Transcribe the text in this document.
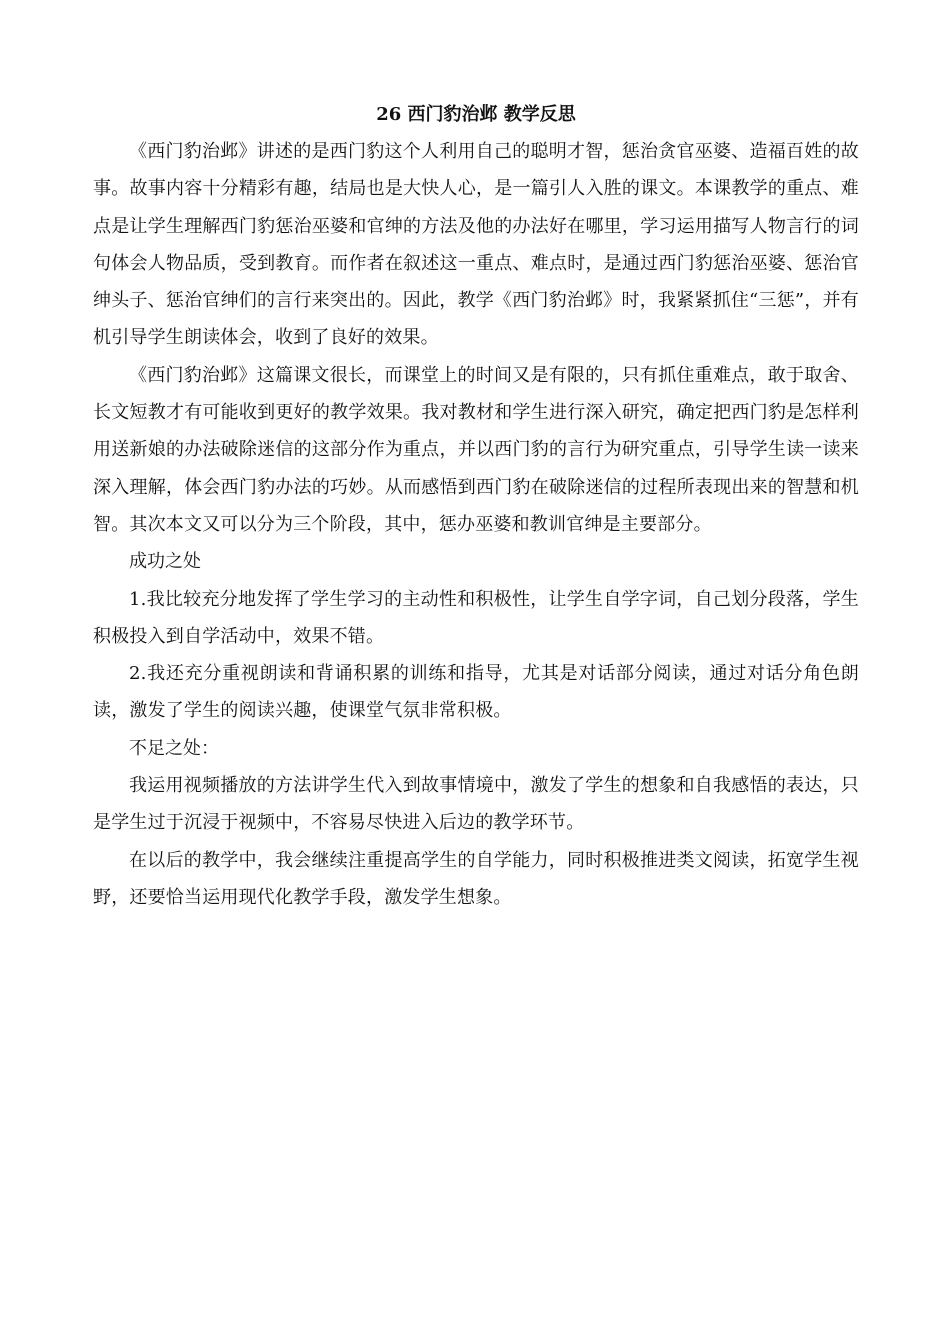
26 西门豹治邺 教学反思

《西门豹治邺》讲述的是西门豹这个人利用自己的聪明才智，惩治贪官巫婆、造福百姓的故事。故事内容十分精彩有趣，结局也是大快人心，是一篇引人入胜的课文。本课教学的重点、难点是让学生理解西门豹惩治巫婆和官绅的方法及他的办法好在哪里，学习运用描写人物言行的词句体会人物品质，受到教育。而作者在叙述这一重点、难点时，是通过西门豹惩治巫婆、惩治官绅头子、惩治官绅们的言行来突出的。因此，教学《西门豹治邺》时，我紧紧抓住“三惩”，并有机引导学生朗读体会，收到了良好的效果。

《西门豹治邺》这篇课文很长，而课堂上的时间又是有限的，只有抓住重难点，敢于取舍、长文短教才有可能收到更好的教学效果。我对教材和学生进行深入研究，确定把西门豹是怎样利用送新娘的办法破除迷信的这部分作为重点，并以西门豹的言行为研究重点，引导学生读一读来深入理解，体会西门豹办法的巧妙。从而感悟到西门豹在破除迷信的过程所表现出来的智慧和机智。其次本文又可以分为三个阶段，其中，惩办巫婆和教训官绅是主要部分。

成功之处

1.我比较充分地发挥了学生学习的主动性和积极性，让学生自学字词，自己划分段落，学生积极投入到自学活动中，效果不错。

2.我还充分重视朗读和背诵积累的训练和指导，尤其是对话部分阅读，通过对话分角色朗读，激发了学生的阅读兴趣，使课堂气氛非常积极。

不足之处：

我运用视频播放的方法讲学生代入到故事情境中，激发了学生的想象和自我感悟的表达，只是学生过于沉浸于视频中，不容易尽快进入后边的教学环节。

在以后的教学中，我会继续注重提高学生的自学能力，同时积极推进类文阅读，拓宽学生视野，还要恰当运用现代化教学手段，激发学生想象。
